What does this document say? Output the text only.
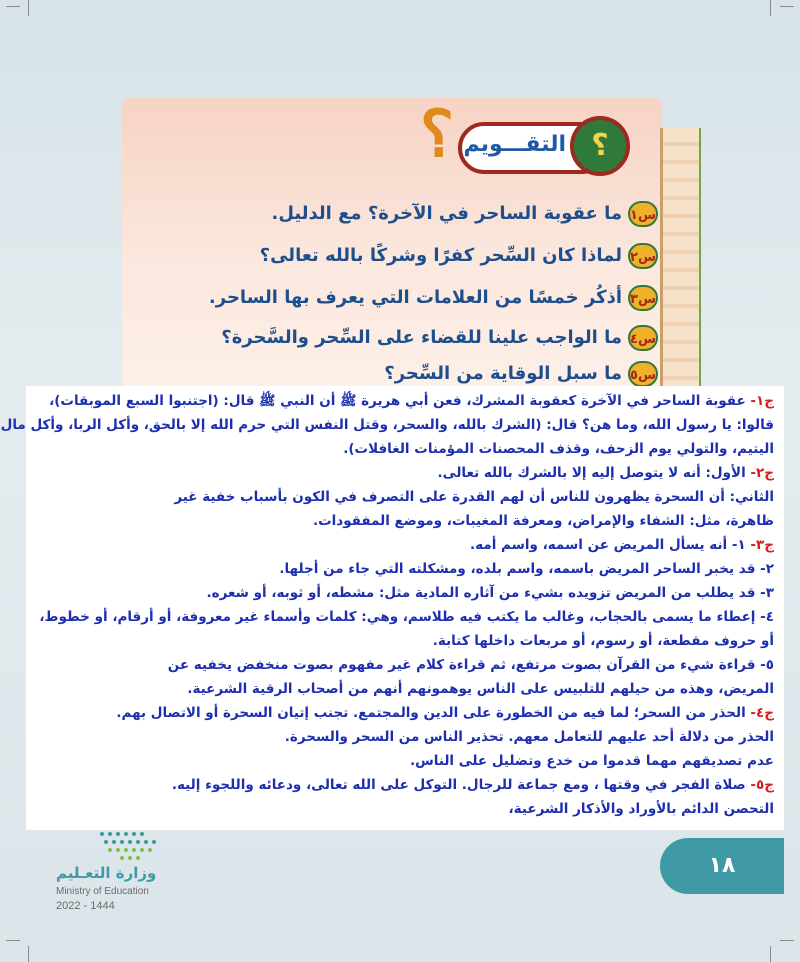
؟ التقـــويم ؟
س١ما عقوبة الساحر في الآخرة؟ مع الدليل.
س٢لماذا كان السِّحر كفرًا وشركًا بالله تعالى؟
س٣أذكُر خمسًا من العلامات التي يعرف بها الساحر.
س٤ما الواجب علينا للقضاء على السِّحر والسَّحرة؟
س٥ما سبل الوقاية من السِّحر؟
ج١- عقوبة الساحر في الآخرة كعقوبة المشرك، فعن أبي هريرة ﷺ أن النبي ﷺ قال: (اجتنبوا السبع الموبقات)،
قالوا: يا رسول الله، وما هن؟ قال: (الشرك بالله، والسحر، وقتل النفس التي حرم الله إلا بالحق، وأكل الربا، وأكل مال
اليتيم، والتولي يوم الزحف، وقذف المحصنات المؤمنات الغافلات).
ج٢- الأول: أنه لا يتوصل إليه إلا بالشرك بالله تعالى.
الثاني: أن السحرة يظهرون للناس أن لهم القدرة على التصرف في الكون بأسباب خفية غير
ظاهرة، مثل: الشفاء والإمراض، ومعرفة المغيبات، وموضع المفقودات.
ج٣- ١- أنه يسأل المريض عن اسمه، واسم أمه.
٢- قد يخبر الساحر المريض باسمه، واسم بلده، ومشكلته التي جاء من أجلها.
٣- قد يطلب من المريض تزويده بشيء من آثاره المادية مثل: مشطه، أو ثوبه، أو شعره.
٤- إعطاء ما يسمى بالحجاب، وغالب ما يكتب فيه طلاسم، وهي: كلمات وأسماء غير معروفة، أو أرقام، أو خطوط،
أو حروف مقطعة، أو رسوم، أو مربعات داخلها كتابة.
٥- قراءة شيء من القرآن بصوت مرتفع، ثم قراءة كلام غير مفهوم بصوت منخفض يخفيه عن
المريض، وهذه من حيلهم للتلبيس على الناس يوهمونهم أنهم من أصحاب الرقية الشرعية.
ج٤- الحذر من السحر؛ لما فيه من الخطورة على الدين والمجتمع. تجنب إتيان السحرة أو الاتصال بهم.
الحذر من دلالة أحد عليهم للتعامل معهم. تحذير الناس من السحر والسحرة.
عدم تصديقهم مهما قدموا من خدع وتضليل على الناس.
ج٥- صلاة الفجر في وقتها ، ومع جماعة للرجال. التوكل على الله تعالى، ودعائه واللجوء إليه.
التحصن الدائم بالأوراد والأذكار الشرعية،
وزارة التعـليم
Ministry of Education
2022 - 1444
١٨
